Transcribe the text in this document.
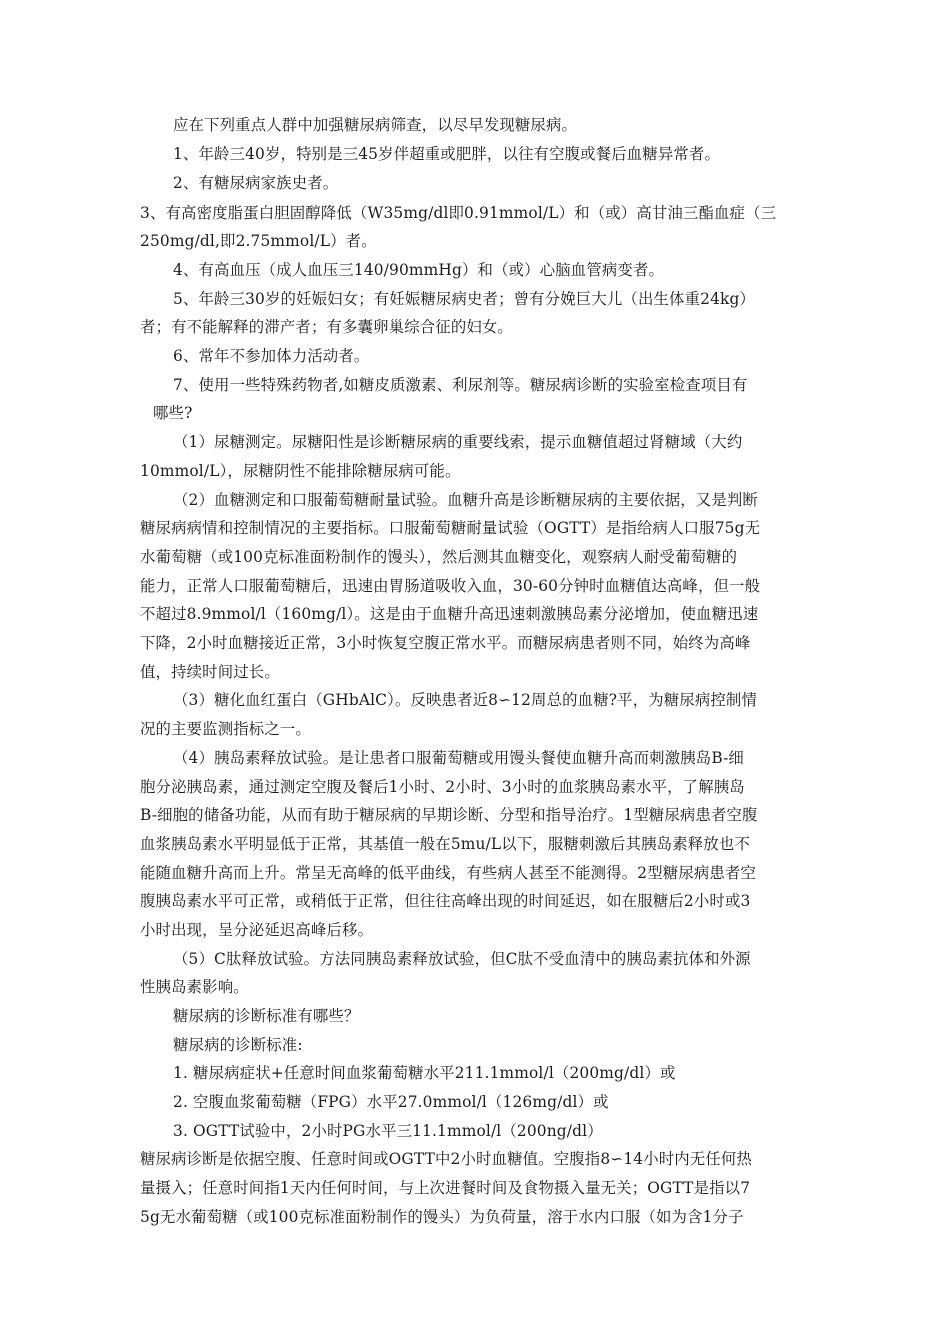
应在下列重点人群中加强糖尿病筛查，以尽早发现糖尿病。
1、年龄三40岁，特别是三45岁伴超重或肥胖，以往有空腹或餐后血糖异常者。
2、有糖尿病家族史者。
3、有高密度脂蛋白胆固醇降低（W35mg/dl即0.91mmol/L）和（或）高甘油三酯血症（三
250mg/dl,即2.75mmol/L）者。
4、有高血压（成人血压三140/90mmHg）和（或）心脑血管病变者。
5、年龄三30岁的妊娠妇女；有妊娠糖尿病史者；曾有分娩巨大儿（出生体重24kg）
者；有不能解释的滞产者；有多囊卵巢综合征的妇女。
6、常年不参加体力活动者。
7、使用一些特殊药物者,如糖皮质激素、利尿剂等。糖尿病诊断的实验室检查项目有
哪些?
（1）尿糖测定。尿糖阳性是诊断糖尿病的重要线索，提示血糖值超过肾糖域（大约
10mmol/L），尿糖阴性不能排除糖尿病可能。
（2）血糖测定和口服葡萄糖耐量试验。血糖升高是诊断糖尿病的主要依据，又是判断
糖尿病病情和控制情况的主要指标。口服葡萄糖耐量试验（OGTT）是指给病人口服75g无
水葡萄糖（或100克标准面粉制作的馒头），然后测其血糖变化，观察病人耐受葡萄糖的
能力，正常人口服葡萄糖后，迅速由胃肠道吸收入血，30-60分钟时血糖值达高峰，但一般
不超过8.9mmol/l（160mg/l）。这是由于血糖升高迅速刺激胰岛素分泌增加，使血糖迅速
下降，2小时血糖接近正常，3小时恢复空腹正常水平。而糖尿病患者则不同，始终为高峰
值，持续时间过长。
（3）糖化血红蛋白（GHbAlC）。反映患者近8∽12周总的血糖?平，为糖尿病控制情
况的主要监测指标之一。
（4）胰岛素释放试验。是让患者口服葡萄糖或用馒头餐使血糖升高而刺激胰岛B-细
胞分泌胰岛素，通过测定空腹及餐后1小时、2小时、3小时的血浆胰岛素水平，了解胰岛
B-细胞的储备功能，从而有助于糖尿病的早期诊断、分型和指导治疗。1型糖尿病患者空腹
血浆胰岛素水平明显低于正常，其基值一般在5mu/L以下，服糖刺激后其胰岛素释放也不
能随血糖升高而上升。常呈无高峰的低平曲线，有些病人甚至不能测得。2型糖尿病患者空
腹胰岛素水平可正常，或稍低于正常，但往往高峰出现的时间延迟，如在服糖后2小时或3
小时出现，呈分泌延迟高峰后移。
（5）C肽释放试验。方法同胰岛素释放试验，但C肽不受血清中的胰岛素抗体和外源
性胰岛素影响。
糖尿病的诊断标准有哪些？
糖尿病的诊断标准:
1. 糖尿病症状+任意时间血浆葡萄糖水平211.1mmol/l（200mg/dl）或
2. 空腹血浆葡萄糖（FPG）水平27.0mmol/l（126mg/dl）或
3. OGTT试验中，2小时PG水平三11.1mmol/l（200ng/dl）
糖尿病诊断是依据空腹、任意时间或OGTT中2小时血糖值。空腹指8∽14小时内无任何热
量摄入；任意时间指1天内任何时间，与上次进餐时间及食物摄入量无关；OGTT是指以7
5g无水葡萄糖（或100克标准面粉制作的馒头）为负荷量，溶于水内口服（如为含1分子
